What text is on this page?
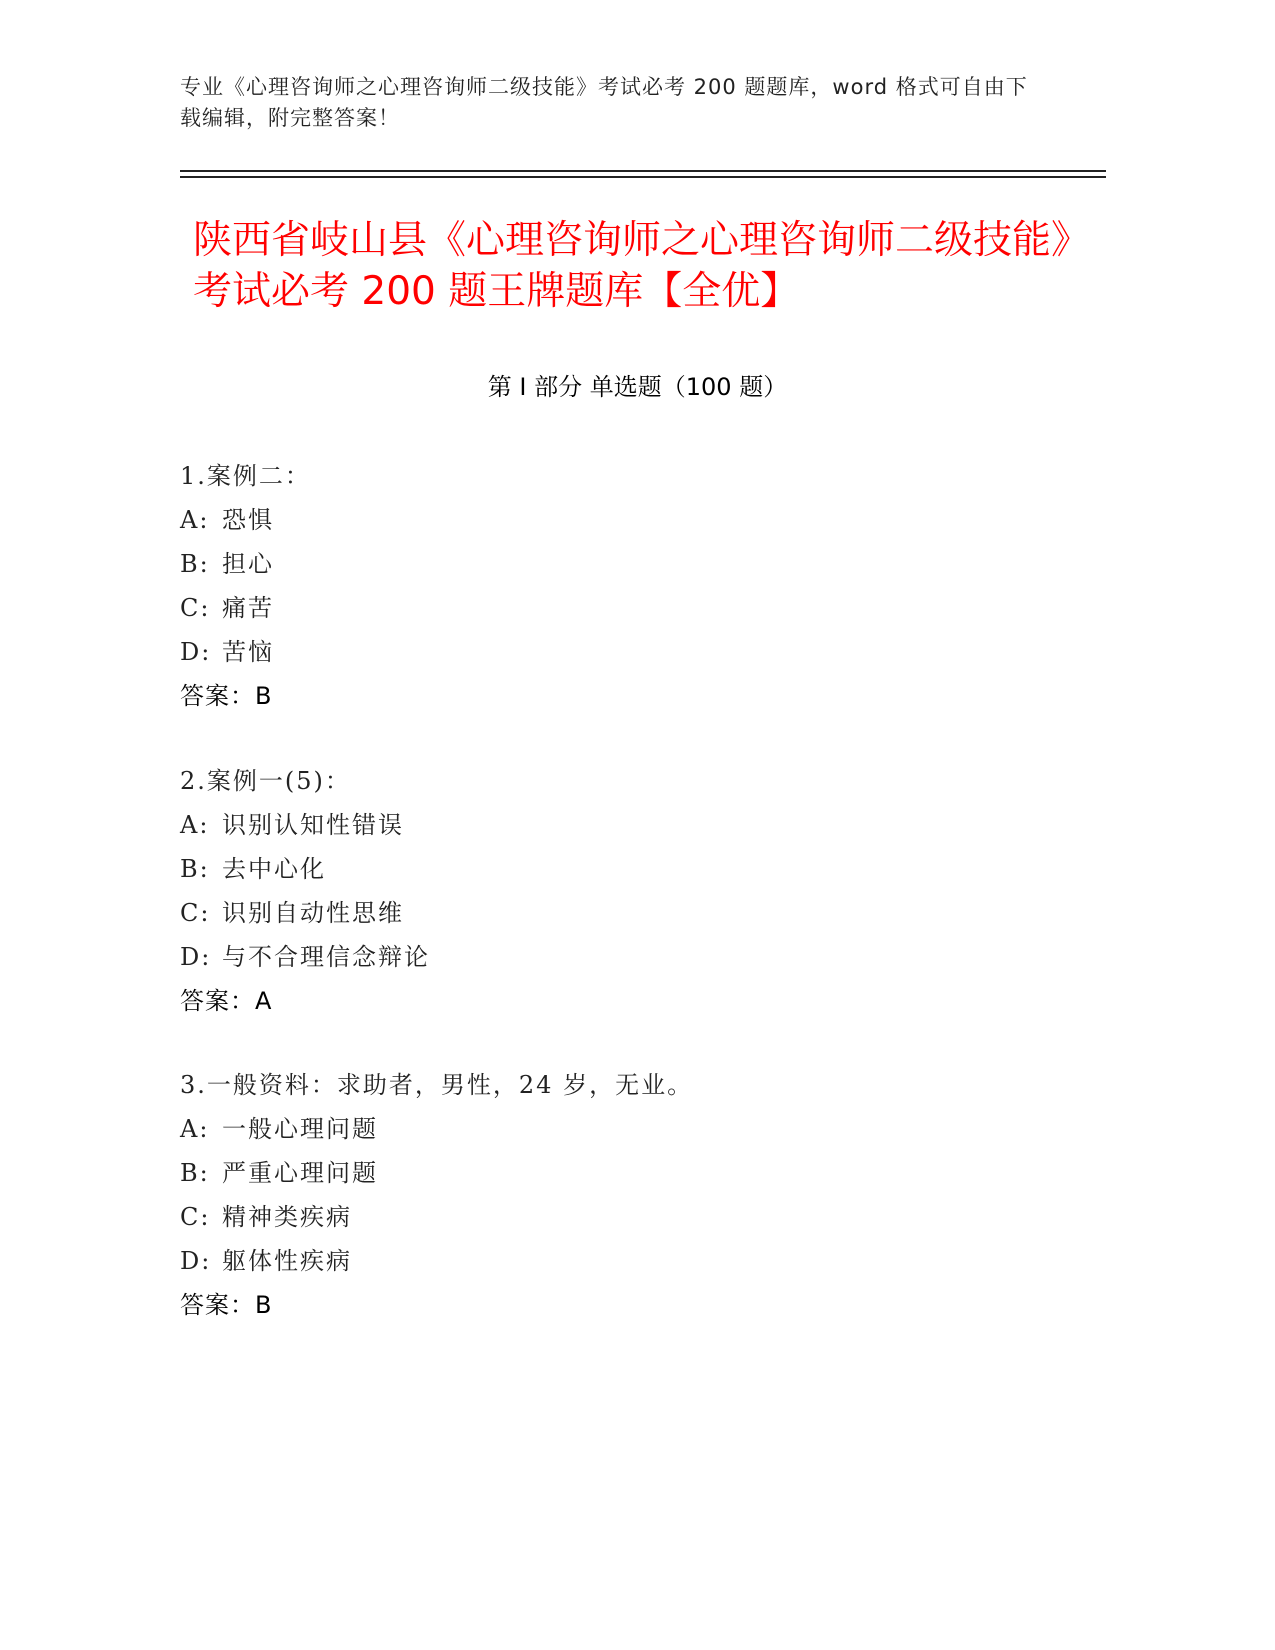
专业《心理咨询师之心理咨询师二级技能》考试必考 200 题题库，word 格式可自由下载编辑，附完整答案！
陕西省岐山县《心理咨询师之心理咨询师二级技能》考试必考 200 题王牌题库【全优】
第 I 部分 单选题（100 题）
1.案例二：
A: 恐惧
B: 担心
C: 痛苦
D: 苦恼
答案：B
2.案例一(5)：
A: 识别认知性错误
B: 去中心化
C: 识别自动性思维
D: 与不合理信念辩论
答案：A
3.一般资料：求助者，男性，24 岁，无业。
A: 一般心理问题
B: 严重心理问题
C: 精神类疾病
D: 躯体性疾病
答案：B
